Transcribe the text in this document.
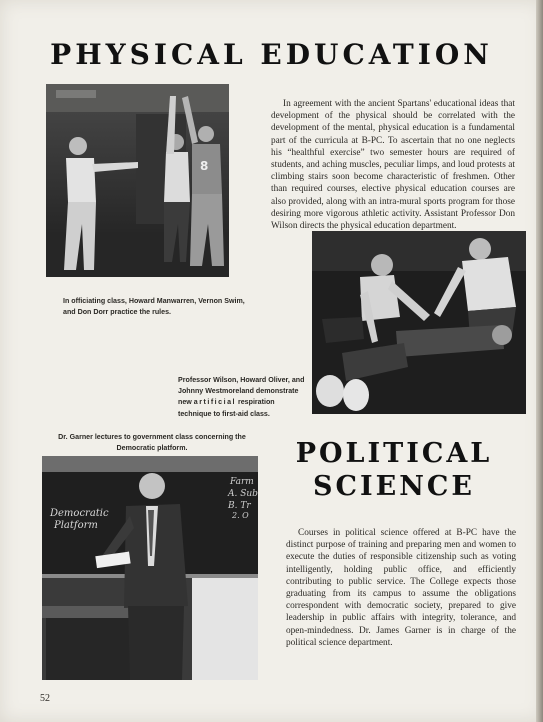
PHYSICAL EDUCATION
8

In agreement with the ancient Spartans' educational ideas that development of the physical should be correlated with the development of the mental, physical education is a fundamental part of the curricula at B-PC. To ascertain that no one neglects his “healthful exercise” two semester hours are required of students, and aching muscles, peculiar limps, and loud protests at climbing stairs soon become characteristic of freshmen. Other than required courses, elective physical education courses are also provided, along with an intra-mural sports program for those desiring more vigorous athletic activity. Assistant Professor Don Wilson directs the physical education department.

In officiating class, Howard Manwarren, Vernon Swim, and Don Dorr practice the rules.

Professor Wilson, Howard Oliver, and Johnny Westmoreland demonstrate new artificial respiration technique to first-aid class.

Dr. Garner lectures to government class concerning the Democratic platform.	POLITICAL
SCIENCE
Democratic
Platform
Farm
A. Sub
B. Tr
2. O

Courses in political science offered at B-PC have the distinct purpose of training and preparing men and women to execute the duties of responsible citizenship such as voting intelligently, holding public office, and efficiently contributing to public service. The College expects those graduating from its campus to assume the obligations correspondent with democratic society, prepared to give leadership in public affairs with integrity, tolerance, and open-mindedness. Dr. James Garner is in charge of the political science department.

52
